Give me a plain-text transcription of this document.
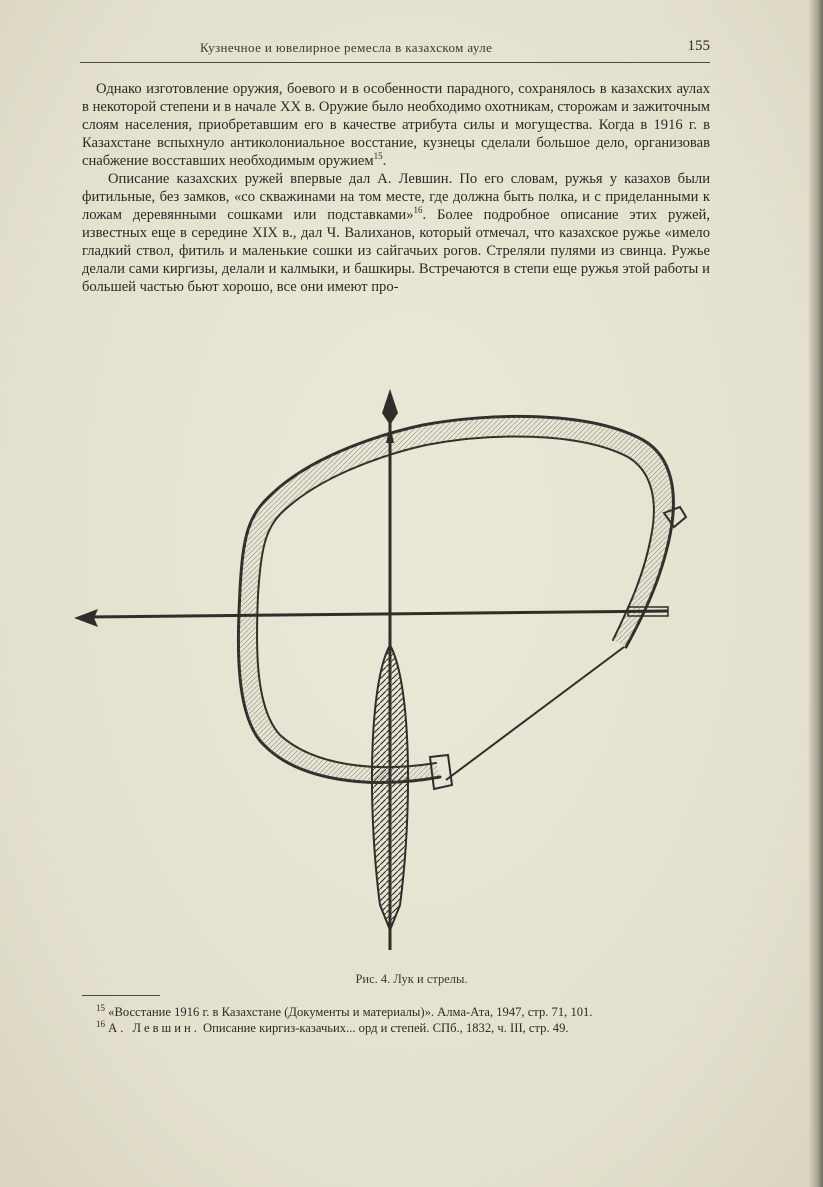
Кузнечное и ювелирное ремесла в казахском ауле	155

Однако изготовление оружия, боевого и в особенности парадного, сохранялось в казахских аулах в некоторой степени и в начале XX в. Оружие было необходимо охотникам, сторожам и зажиточным слоям населения, приобретавшим его в качестве атрибута силы и могущества. Когда в 1916 г. в Казахстане вспыхнуло антиколониальное восстание, кузнецы сделали большое дело, организовав снабжение восставших необходимым оружием$^{15}$.

Описание казахских ружей впервые дал А. Левшин. По его словам, ружья у казахов были фитильные, без замков, «со скважинами на том месте, где должна быть полка, и с приделанными к ложам деревянными сошками или подставками»$^{16}$. Более подробное описание этих ружей, известных еще в середине XIX в., дал Ч. Валиханов, который отмечал, что казахское ружье «имело гладкий ствол, фитиль и маленькие сошки из сайгачьих рогов. Стреляли пулями из свинца. Ружье делали сами киргизы, делали и калмыки, и башкиры. Встречаются в степи еще ружья этой работы и большей частью бьют хорошо, все они имеют про-

Рис. 4. Лук и стрелы.

$^{15}$ «Восстание 1916 г. в Казахстане (Документы и материалы)». Алма-Ата, 1947, стр. 71, 101.

$^{16}$ А. Левшин. Описание киргиз-казачьих... орд и степей. СПб., 1832, ч. III, стр. 49.
